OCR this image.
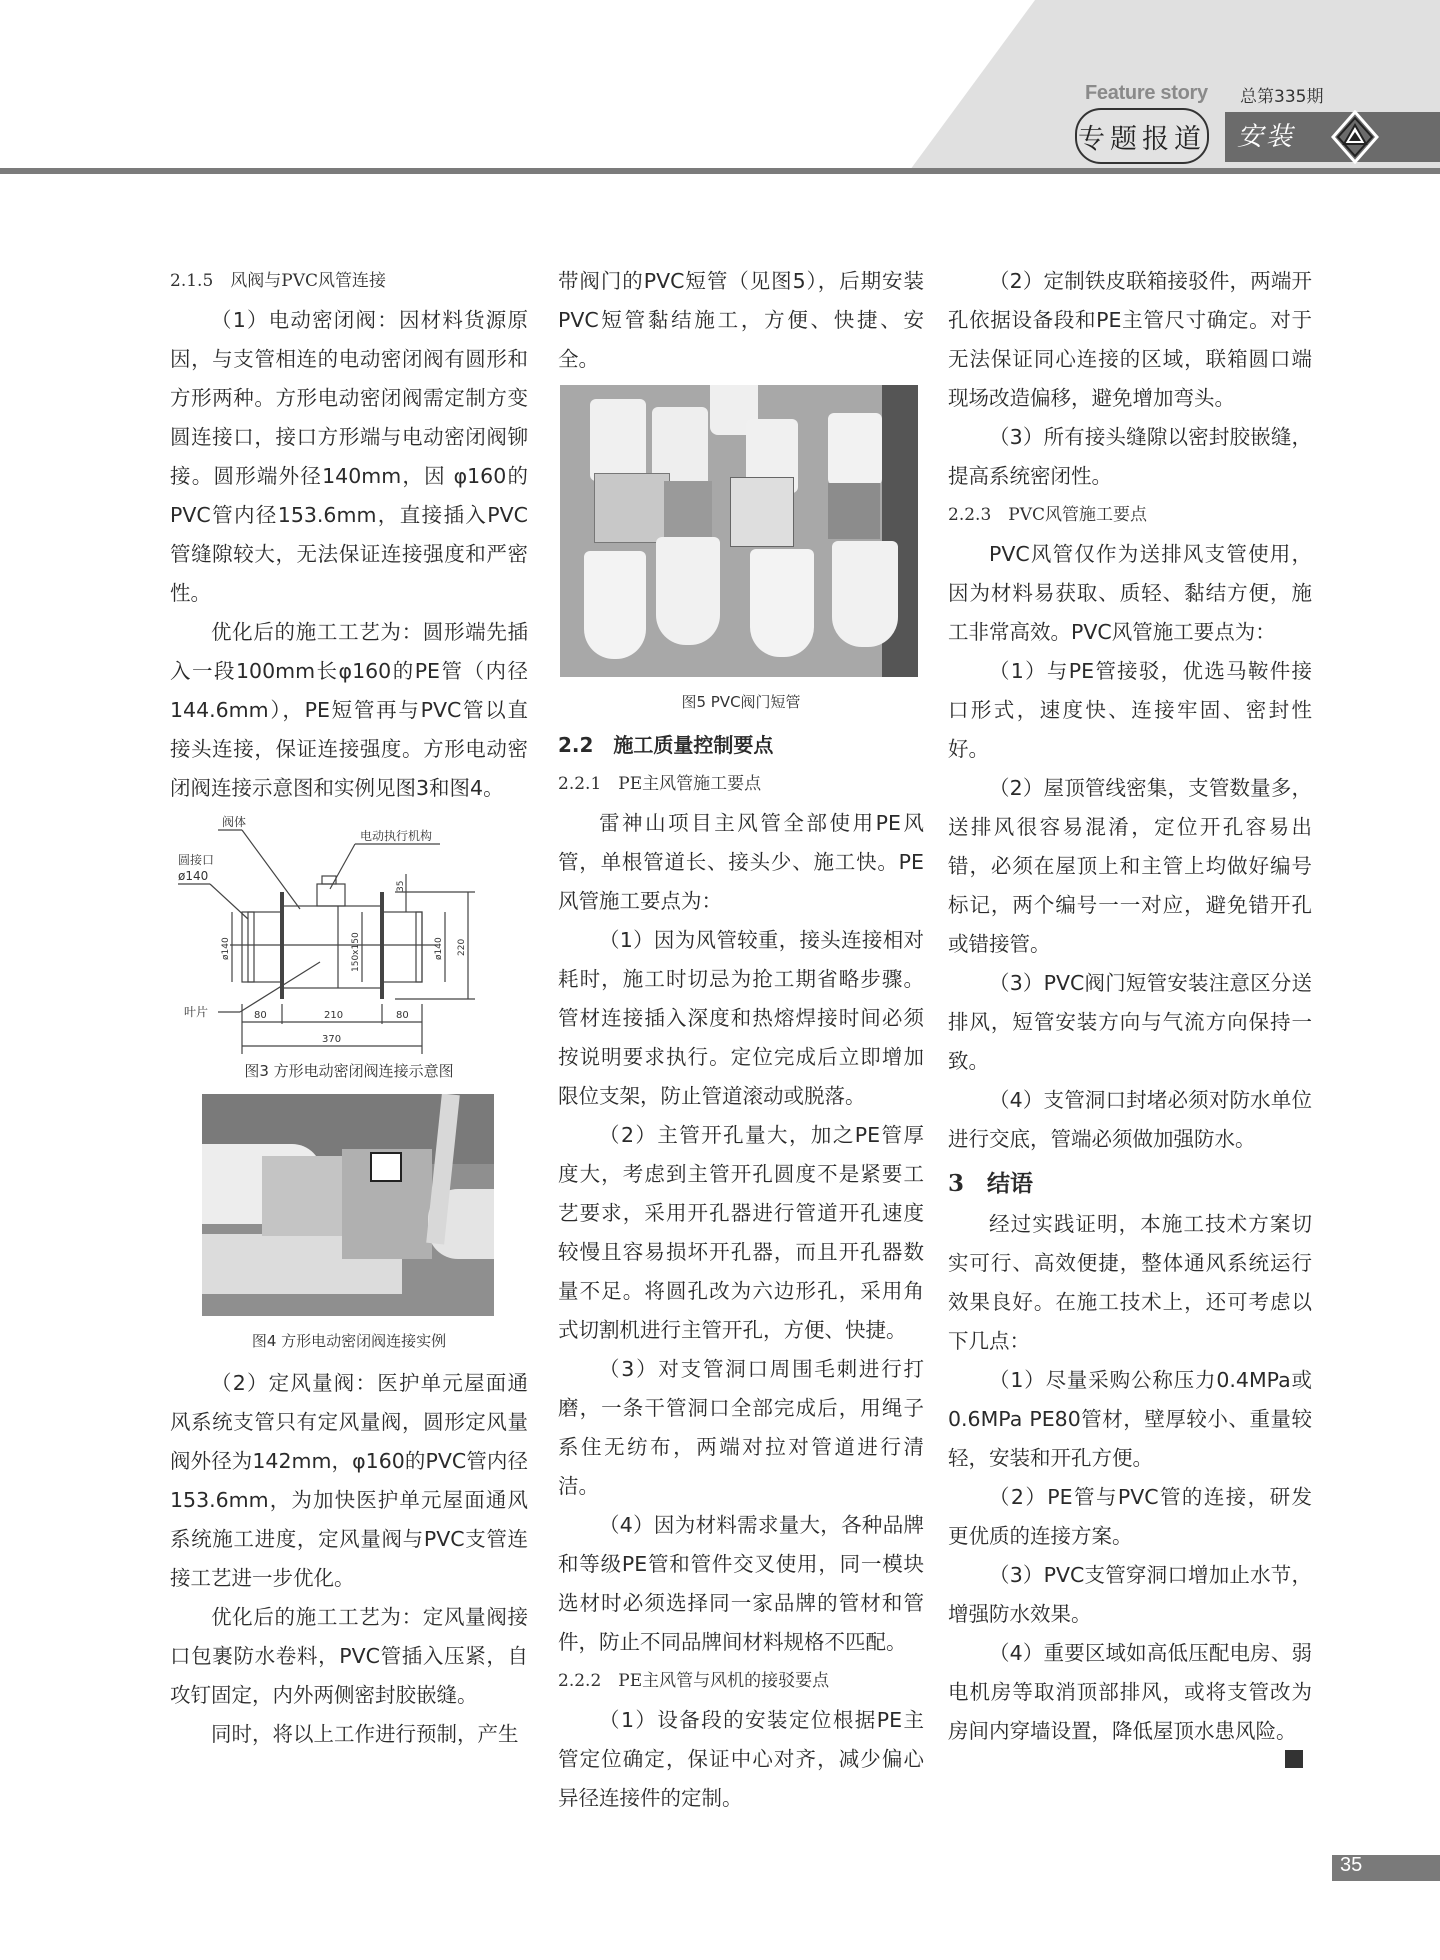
Feature story 总第335期
专题报道 安装

2.1.5　风阀与PVC风管连接

（1）电动密闭阀：因材料货源原因，与支管相连的电动密闭阀有圆形和方形两种。方形电动密闭阀需定制方变圆连接口，接口方形端与电动密闭阀铆接。圆形端外径140mm，因 φ160的PVC管内径153.6mm，直接插入PVC管缝隙较大，无法保证连接强度和严密性。

优化后的施工工艺为：圆形端先插入一段100mm长φ160的PE管（内径144.6mm），PE短管再与PVC管以直接头连接，保证连接强度。方形电动密闭阀连接示意图和实例见图3和图4。

阀体
电动执行机构
圆接口
ø140
叶片	80	210	80
370
35
ø140	150x150	ø140 220
图3 方形电动密闭阀连接示意图
图4 方形电动密闭阀连接实例

（2）定风量阀：医护单元屋面通风系统支管只有定风量阀，圆形定风量阀外径为142mm，φ160的PVC管内径153.6mm，为加快医护单元屋面通风系统施工进度，定风量阀与PVC支管连接工艺进一步优化。

优化后的施工工艺为：定风量阀接口包裹防水卷料，PVC管插入压紧，自攻钉固定，内外两侧密封胶嵌缝。

同时，将以上工作进行预制，产生

带阀门的PVC短管（见图5），后期安装PVC短管黏结施工，方便、快捷、安全。

图5 PVC阀门短管

2.2　施工质量控制要点

2.2.1　PE主风管施工要点

雷神山项目主风管全部使用PE风管，单根管道长、接头少、施工快。PE风管施工要点为：

（1）因为风管较重，接头连接相对耗时，施工时切忌为抢工期省略步骤。管材连接插入深度和热熔焊接时间必须按说明要求执行。定位完成后立即增加限位支架，防止管道滚动或脱落。

（2）主管开孔量大，加之PE管厚度大，考虑到主管开孔圆度不是紧要工艺要求，采用开孔器进行管道开孔速度较慢且容易损坏开孔器，而且开孔器数量不足。将圆孔改为六边形孔，采用角式切割机进行主管开孔，方便、快捷。

（3）对支管洞口周围毛刺进行打磨，一条干管洞口全部完成后，用绳子系住无纺布，两端对拉对管道进行清洁。

（4）因为材料需求量大，各种品牌和等级PE管和管件交叉使用，同一模块选材时必须选择同一家品牌的管材和管件，防止不同品牌间材料规格不匹配。

2.2.2　PE主风管与风机的接驳要点

（1）设备段的安装定位根据PE主管定位确定，保证中心对齐，减少偏心异径连接件的定制。

（2）定制铁皮联箱接驳件，两端开孔依据设备段和PE主管尺寸确定。对于无法保证同心连接的区域，联箱圆口端现场改造偏移，避免增加弯头。

（3）所有接头缝隙以密封胶嵌缝，提高系统密闭性。

2.2.3　PVC风管施工要点

PVC风管仅作为送排风支管使用，因为材料易获取、质轻、黏结方便，施工非常高效。PVC风管施工要点为：

（1）与PE管接驳，优选马鞍件接口形式，速度快、连接牢固、密封性好。

（2）屋顶管线密集，支管数量多，送排风很容易混淆，定位开孔容易出错，必须在屋顶上和主管上均做好编号标记，两个编号一一对应，避免错开孔或错接管。

（3）PVC阀门短管安装注意区分送排风，短管安装方向与气流方向保持一致。

（4）支管洞口封堵必须对防水单位进行交底，管端必须做加强防水。

3　结语

经过实践证明，本施工技术方案切实可行、高效便捷，整体通风系统运行效果良好。在施工技术上，还可考虑以下几点：

（1）尽量采购公称压力0.4MPa或0.6MPa PE80管材，壁厚较小、重量较轻，安装和开孔方便。

（2）PE管与PVC管的连接，研发更优质的连接方案。

（3）PVC支管穿洞口增加止水节，增强防水效果。

（4）重要区域如高低压配电房、弱电机房等取消顶部排风，或将支管改为房间内穿墙设置，降低屋顶水患风险。

35
